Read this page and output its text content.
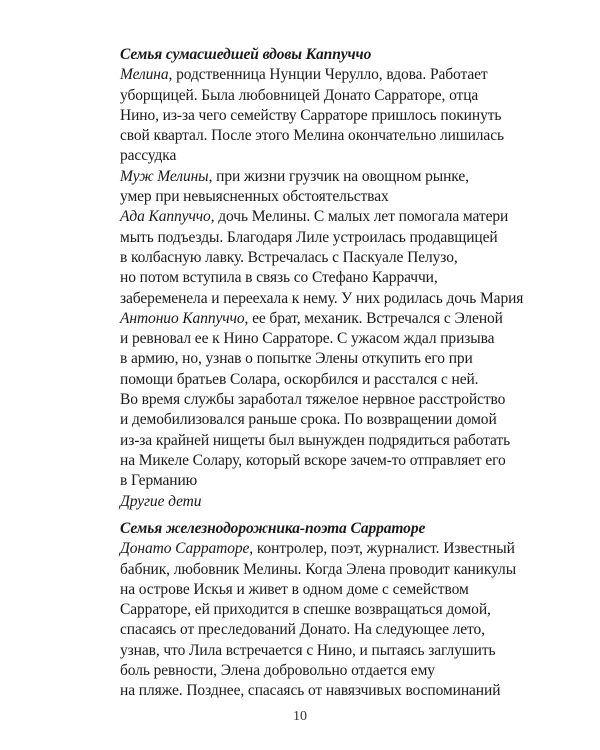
Семья сумасшедшей вдовы Каппуччо
Мелина, родственница Нунции Черулло, вдова. Работает
уборщицей. Была любовницей Донато Сарраторе, отца
Нино, из-за чего семейству Сарраторе пришлось покинуть
свой квартал. После этого Мелина окончательно лишилась
рассудка
Муж Мелины, при жизни грузчик на овощном рынке,
умер при невыясненных обстоятельствах
Ада Каппуччо, дочь Мелины. С малых лет помогала матери
мыть подъезды. Благодаря Лиле устроилась продавщицей
в колбасную лавку. Встречалась с Паскуале Пелузо,
но потом вступила в связь со Стефано Карраччи,
забеременела и переехала к нему. У них родилась дочь Мария
Антонио Каппуччо, ее брат, механик. Встречался с Эленой
и ревновал ее к Нино Сарраторе. С ужасом ждал призыва
в армию, но, узнав о попытке Элены откупить его при
помощи братьев Солара, оскорбился и расстался с ней.
Во время службы заработал тяжелое нервное расстройство
и демобилизовался раньше срока. По возвращении домой
из-за крайней нищеты был вынужден подрядиться работать
на Микеле Солару, который вскоре зачем-то отправляет его
в Германию
Другие дети
Семья железнодорожника-поэта Сарраторе
Донато Сарраторе, контролер, поэт, журналист. Известный
бабник, любовник Мелины. Когда Элена проводит каникулы
на острове Искья и живет в одном доме с семейством
Сарраторе, ей приходится в спешке возвращаться домой,
спасаясь от преследований Донато. На следующее лето,
узнав, что Лила встречается с Нино, и пытаясь заглушить
боль ревности, Элена добровольно отдается ему
на пляже. Позднее, спасаясь от навязчивых воспоминаний
10
